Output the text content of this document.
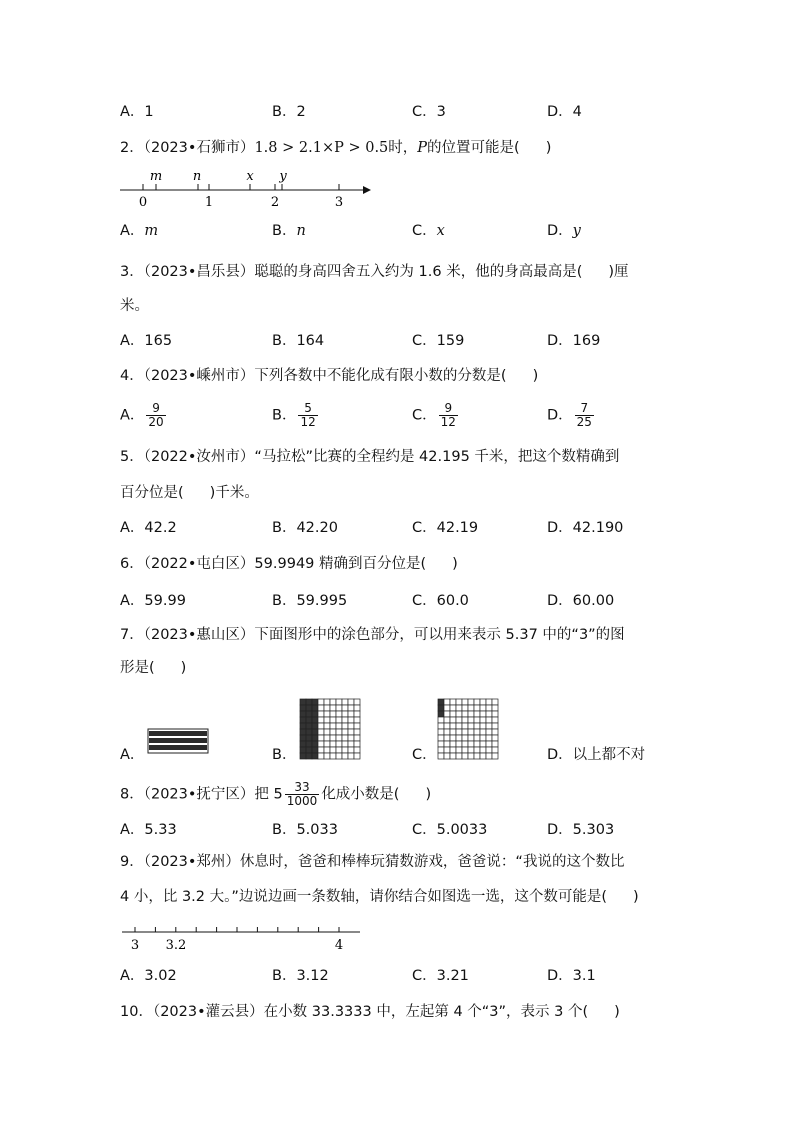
A．1	B．2	C．3	D．4
2．（2023•石狮市）1.8 > 2.1×P > 0.5时，P的位置可能是( )
m n	x y
0	1	2	3
A．m	B．n	C．x	D．y
3．（2023•昌乐县）聪聪的身高四舍五入约为 1.6 米，他的身高最高是( )厘
米。
A．165	B．164	C．159	D．169
4．（2023•嵊州市）下列各数中不能化成有限小数的分数是( )
A． $\frac{9}{20}$	B． $\frac{5}{12}$	C． $\frac{9}{12}$	D． $\frac{7}{25}$
5．（2022•汝州市）“马拉松”比赛的全程约是 42.195 千米，把这个数精确到
百分位是( )千米。
A．42.2	B．42.20	C．42.19	D．42.190
6．（2022•屯白区）59.9949 精确到百分位是( )
A．59.99	B．59.995	C．60.0	D．60.00
7．（2023•惠山区）下面图形中的涂色部分，可以用来表示 5.37 中的“3”的图
形是( )
A．	B．	C．	D．以上都不对
8．（2023•抚宁区）把 $5 \frac{33}{1000}$ 化成小数是( )
A．5.33	B．5.033	C．5.0033	D．5.303
9．（2023•郑州）休息时，爸爸和棒棒玩猜数游戏，爸爸说：“我说的这个数比
4 小，比 3.2 大。”边说边画一条数轴，请你结合如图选一选，这个数可能是( )
3 3.2	4
A．3.02	B．3.12	C．3.21	D．3.1
10．（2023•灌云县）在小数 33.3333 中，左起第 4 个“3”，表示 3 个( )
